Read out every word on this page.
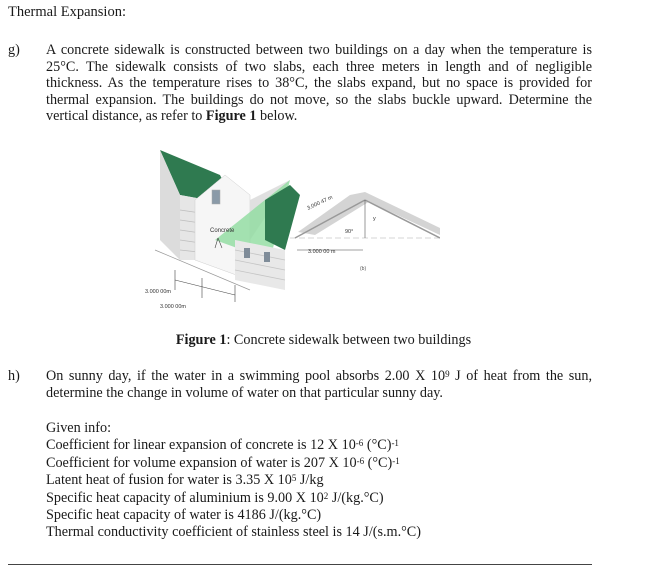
Thermal Expansion:
g) A concrete sidewalk is constructed between two buildings on a day when the temperature is 25°C. The sidewalk consists of two slabs, each three meters in length and of negligible thickness. As the temperature rises to 38°C, the slabs expand, but no space is provided for thermal expansion. The buildings do not move, so the slabs buckle upward. Determine the vertical distance, as refer to Figure 1 below.
Concrete
3.000 00m
3.000 00m
3.000 47 m
90°
y
3.000 00 m
(b)
Figure 1: Concrete sidewalk between two buildings
h) On sunny day, if the water in a swimming pool absorbs 2.00 X $10^9$ J of heat from the sun, determine the change in volume of water on that particular sunny day.
Given info:
Coefficient for linear expansion of concrete is 12 X $10^{-6}$ $(^\circ C)^{-1}$
Coefficient for volume expansion of water is 207 X $10^{-6}$ $(^\circ C)^{-1}$
Latent heat of fusion for water is 3.35 X $10^5$ J/kg
Specific heat capacity of aluminium is 9.00 X $10^2$ J/(kg.°C)
Specific heat capacity of water is 4186 J/(kg.°C)
Thermal conductivity coefficient of stainless steel is 14 J/(s.m.°C)
